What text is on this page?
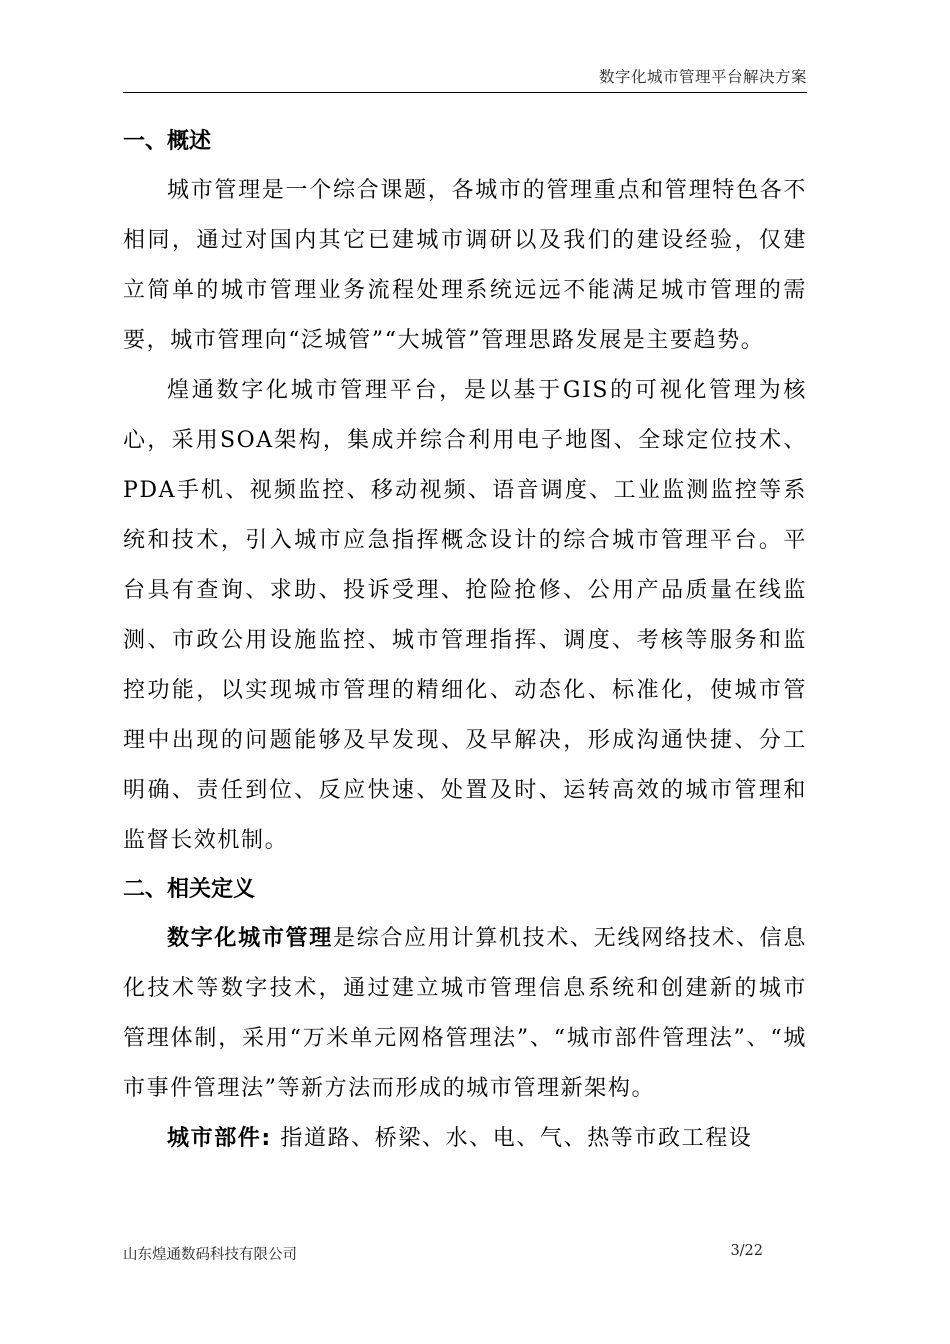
数字化城市管理平台解决方案
一、概述

城市管理是一个综合课题，各城市的管理重点和管理特色各不相同，通过对国内其它已建城市调研以及我们的建设经验，仅建立简单的城市管理业务流程处理系统远远不能满足城市管理的需要，城市管理向“泛城管”“大城管”管理思路发展是主要趋势。

煌通数字化城市管理平台，是以基于GIS的可视化管理为核心，采用SOA架构，集成并综合利用电子地图、全球定位技术、PDA手机、视频监控、移动视频、语音调度、工业监测监控等系统和技术，引入城市应急指挥概念设计的综合城市管理平台。平台具有查询、求助、投诉受理、抢险抢修、公用产品质量在线监测、市政公用设施监控、城市管理指挥、调度、考核等服务和监控功能，以实现城市管理的精细化、动态化、标准化，使城市管理中出现的问题能够及早发现、及早解决，形成沟通快捷、分工明确、责任到位、反应快速、处置及时、运转高效的城市管理和监督长效机制。

二、相关定义

数字化城市管理是综合应用计算机技术、无线网络技术、信息化技术等数字技术，通过建立城市管理信息系统和创建新的城市管理体制，采用“万米单元网格管理法”、“城市部件管理法”、“城市事件管理法”等新方法而形成的城市管理新架构。

城市部件: 指道路、桥梁、水、电、气、热等市政工程设

山东煌通数码科技有限公司	3/22
